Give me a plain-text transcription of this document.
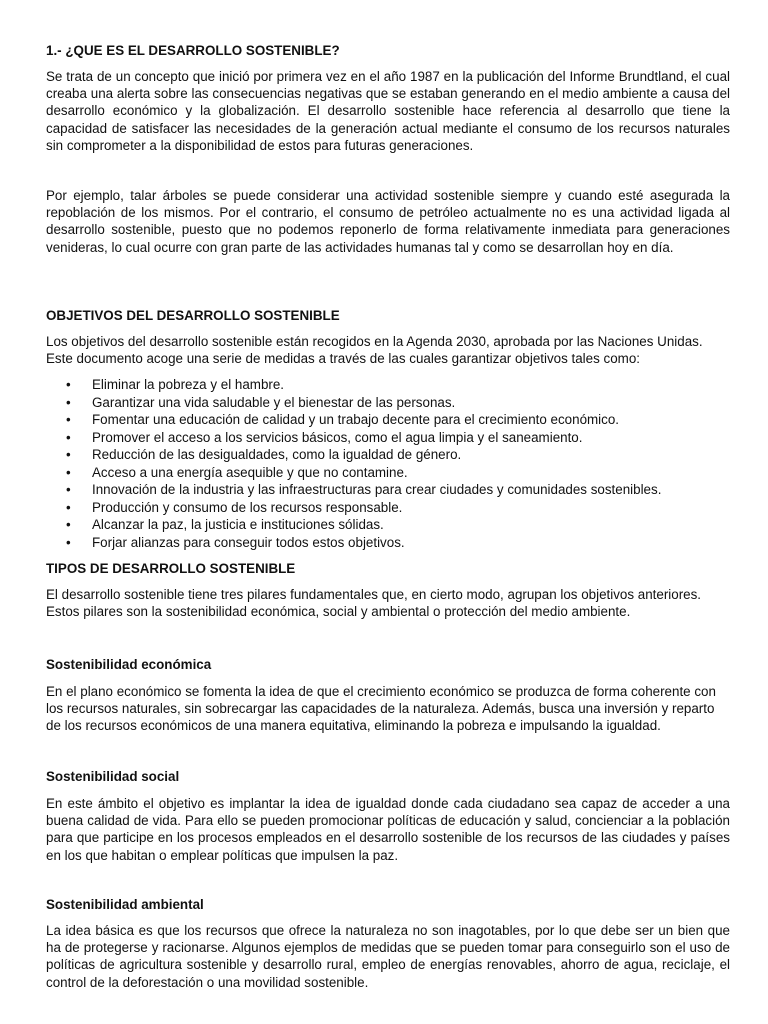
1.- ¿QUE ES EL DESARROLLO SOSTENIBLE?

Se trata de un concepto que inició por primera vez en el año 1987 en la publicación del Informe Brundtland, el cual creaba una alerta sobre las consecuencias negativas que se estaban generando en el medio ambiente a causa del desarrollo económico y la globalización. El desarrollo sostenible hace referencia al desarrollo que tiene la capacidad de satisfacer las necesidades de la generación actual mediante el consumo de los recursos naturales sin comprometer a la disponibilidad de estos para futuras generaciones.

Por ejemplo, talar árboles se puede considerar una actividad sostenible siempre y cuando esté asegurada la repoblación de los mismos. Por el contrario, el consumo de petróleo actualmente no es una actividad ligada al desarrollo sostenible, puesto que no podemos reponerlo de forma relativamente inmediata para generaciones venideras, lo cual ocurre con gran parte de las actividades humanas tal y como se desarrollan hoy en día.

OBJETIVOS DEL DESARROLLO SOSTENIBLE

Los objetivos del desarrollo sostenible están recogidos en la Agenda 2030, aprobada por las Naciones Unidas. Este documento acoge una serie de medidas a través de las cuales garantizar objetivos tales como:

• Eliminar la pobreza y el hambre.
• Garantizar una vida saludable y el bienestar de las personas.
• Fomentar una educación de calidad y un trabajo decente para el crecimiento económico.
• Promover el acceso a los servicios básicos, como el agua limpia y el saneamiento.
• Reducción de las desigualdades, como la igualdad de género.
• Acceso a una energía asequible y que no contamine.
• Innovación de la industria y las infraestructuras para crear ciudades y comunidades sostenibles.
• Producción y consumo de los recursos responsable.
• Alcanzar la paz, la justicia e instituciones sólidas.
• Forjar alianzas para conseguir todos estos objetivos.
TIPOS DE DESARROLLO SOSTENIBLE

El desarrollo sostenible tiene tres pilares fundamentales que, en cierto modo, agrupan los objetivos anteriores. Estos pilares son la sostenibilidad económica, social y ambiental o protección del medio ambiente.

Sostenibilidad económica

En el plano económico se fomenta la idea de que el crecimiento económico se produzca de forma coherente con los recursos naturales, sin sobrecargar las capacidades de la naturaleza. Además, busca una inversión y reparto de los recursos económicos de una manera equitativa, eliminando la pobreza e impulsando la igualdad.

Sostenibilidad social

En este ámbito el objetivo es implantar la idea de igualdad donde cada ciudadano sea capaz de acceder a una buena calidad de vida. Para ello se pueden promocionar políticas de educación y salud, concienciar a la población para que participe en los procesos empleados en el desarrollo sostenible de los recursos de las ciudades y países en los que habitan o emplear políticas que impulsen la paz.

Sostenibilidad ambiental

La idea básica es que los recursos que ofrece la naturaleza no son inagotables, por lo que debe ser un bien que ha de protegerse y racionarse. Algunos ejemplos de medidas que se pueden tomar para conseguirlo son el uso de políticas de agricultura sostenible y desarrollo rural, empleo de energías renovables, ahorro de agua, reciclaje, el control de la deforestación o una movilidad sostenible.
